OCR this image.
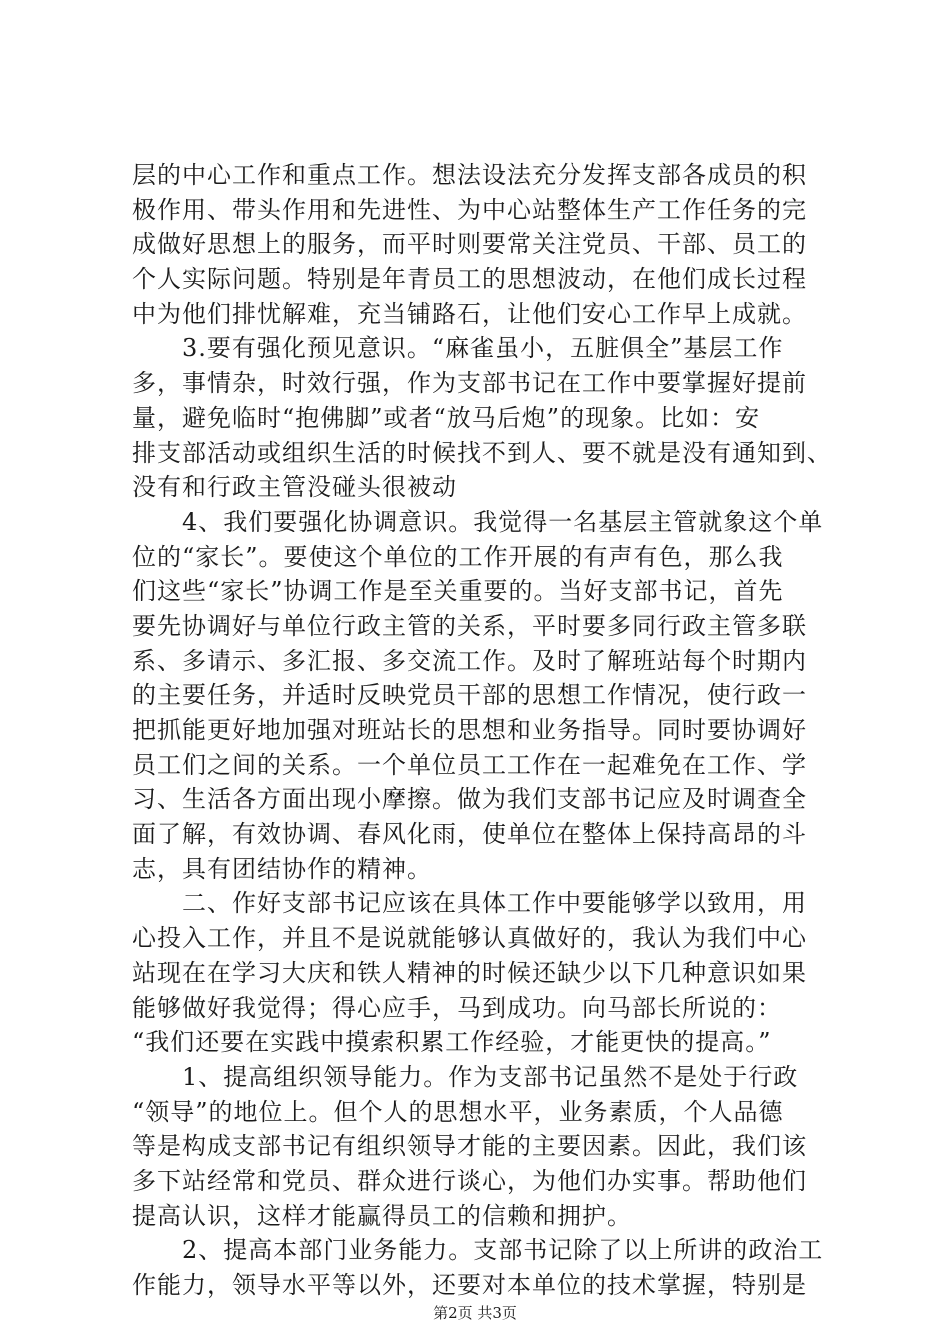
层的中心工作和重点工作。想法设法充分发挥支部各成员的积
极作用、带头作用和先进性、为中心站整体生产工作任务的完
成做好思想上的服务，而平时则要常关注党员、干部、员工的
个人实际问题。特别是年青员工的思想波动，在他们成长过程
中为他们排忧解难，充当铺路石，让他们安心工作早上成就。
　　3.要有强化预见意识。“麻雀虽小，五脏俱全”基层工作
多，事情杂，时效行强，作为支部书记在工作中要掌握好提前
量，避免临时“抱佛脚”或者“放马后炮”的现象。比如：安
排支部活动或组织生活的时候找不到人、要不就是没有通知到、
没有和行政主管没碰头很被动
　　4、我们要强化协调意识。我觉得一名基层主管就象这个单
位的“家长”。要使这个单位的工作开展的有声有色，那么我
们这些“家长”协调工作是至关重要的。当好支部书记，首先
要先协调好与单位行政主管的关系，平时要多同行政主管多联
系、多请示、多汇报、多交流工作。及时了解班站每个时期内
的主要任务，并适时反映党员干部的思想工作情况，使行政一
把抓能更好地加强对班站长的思想和业务指导。同时要协调好
员工们之间的关系。一个单位员工工作在一起难免在工作、学
习、生活各方面出现小摩擦。做为我们支部书记应及时调查全
面了解，有效协调、春风化雨，使单位在整体上保持高昂的斗
志，具有团结协作的精神。
　　二、作好支部书记应该在具体工作中要能够学以致用，用
心投入工作，并且不是说就能够认真做好的，我认为我们中心
站现在在学习大庆和铁人精神的时候还缺少以下几种意识如果
能够做好我觉得；得心应手，马到成功。向马部长所说的：
“我们还要在实践中摸索积累工作经验，才能更快的提高。”
　　1、提高组织领导能力。作为支部书记虽然不是处于行政
“领导”的地位上。但个人的思想水平，业务素质，个人品德
等是构成支部书记有组织领导才能的主要因素。因此，我们该
多下站经常和党员、群众进行谈心，为他们办实事。帮助他们
提高认识，这样才能赢得员工的信赖和拥护。
　　2、提高本部门业务能力。支部书记除了以上所讲的政治工
作能力，领导水平等以外，还要对本单位的技术掌握，特别是
第2页 共3页
